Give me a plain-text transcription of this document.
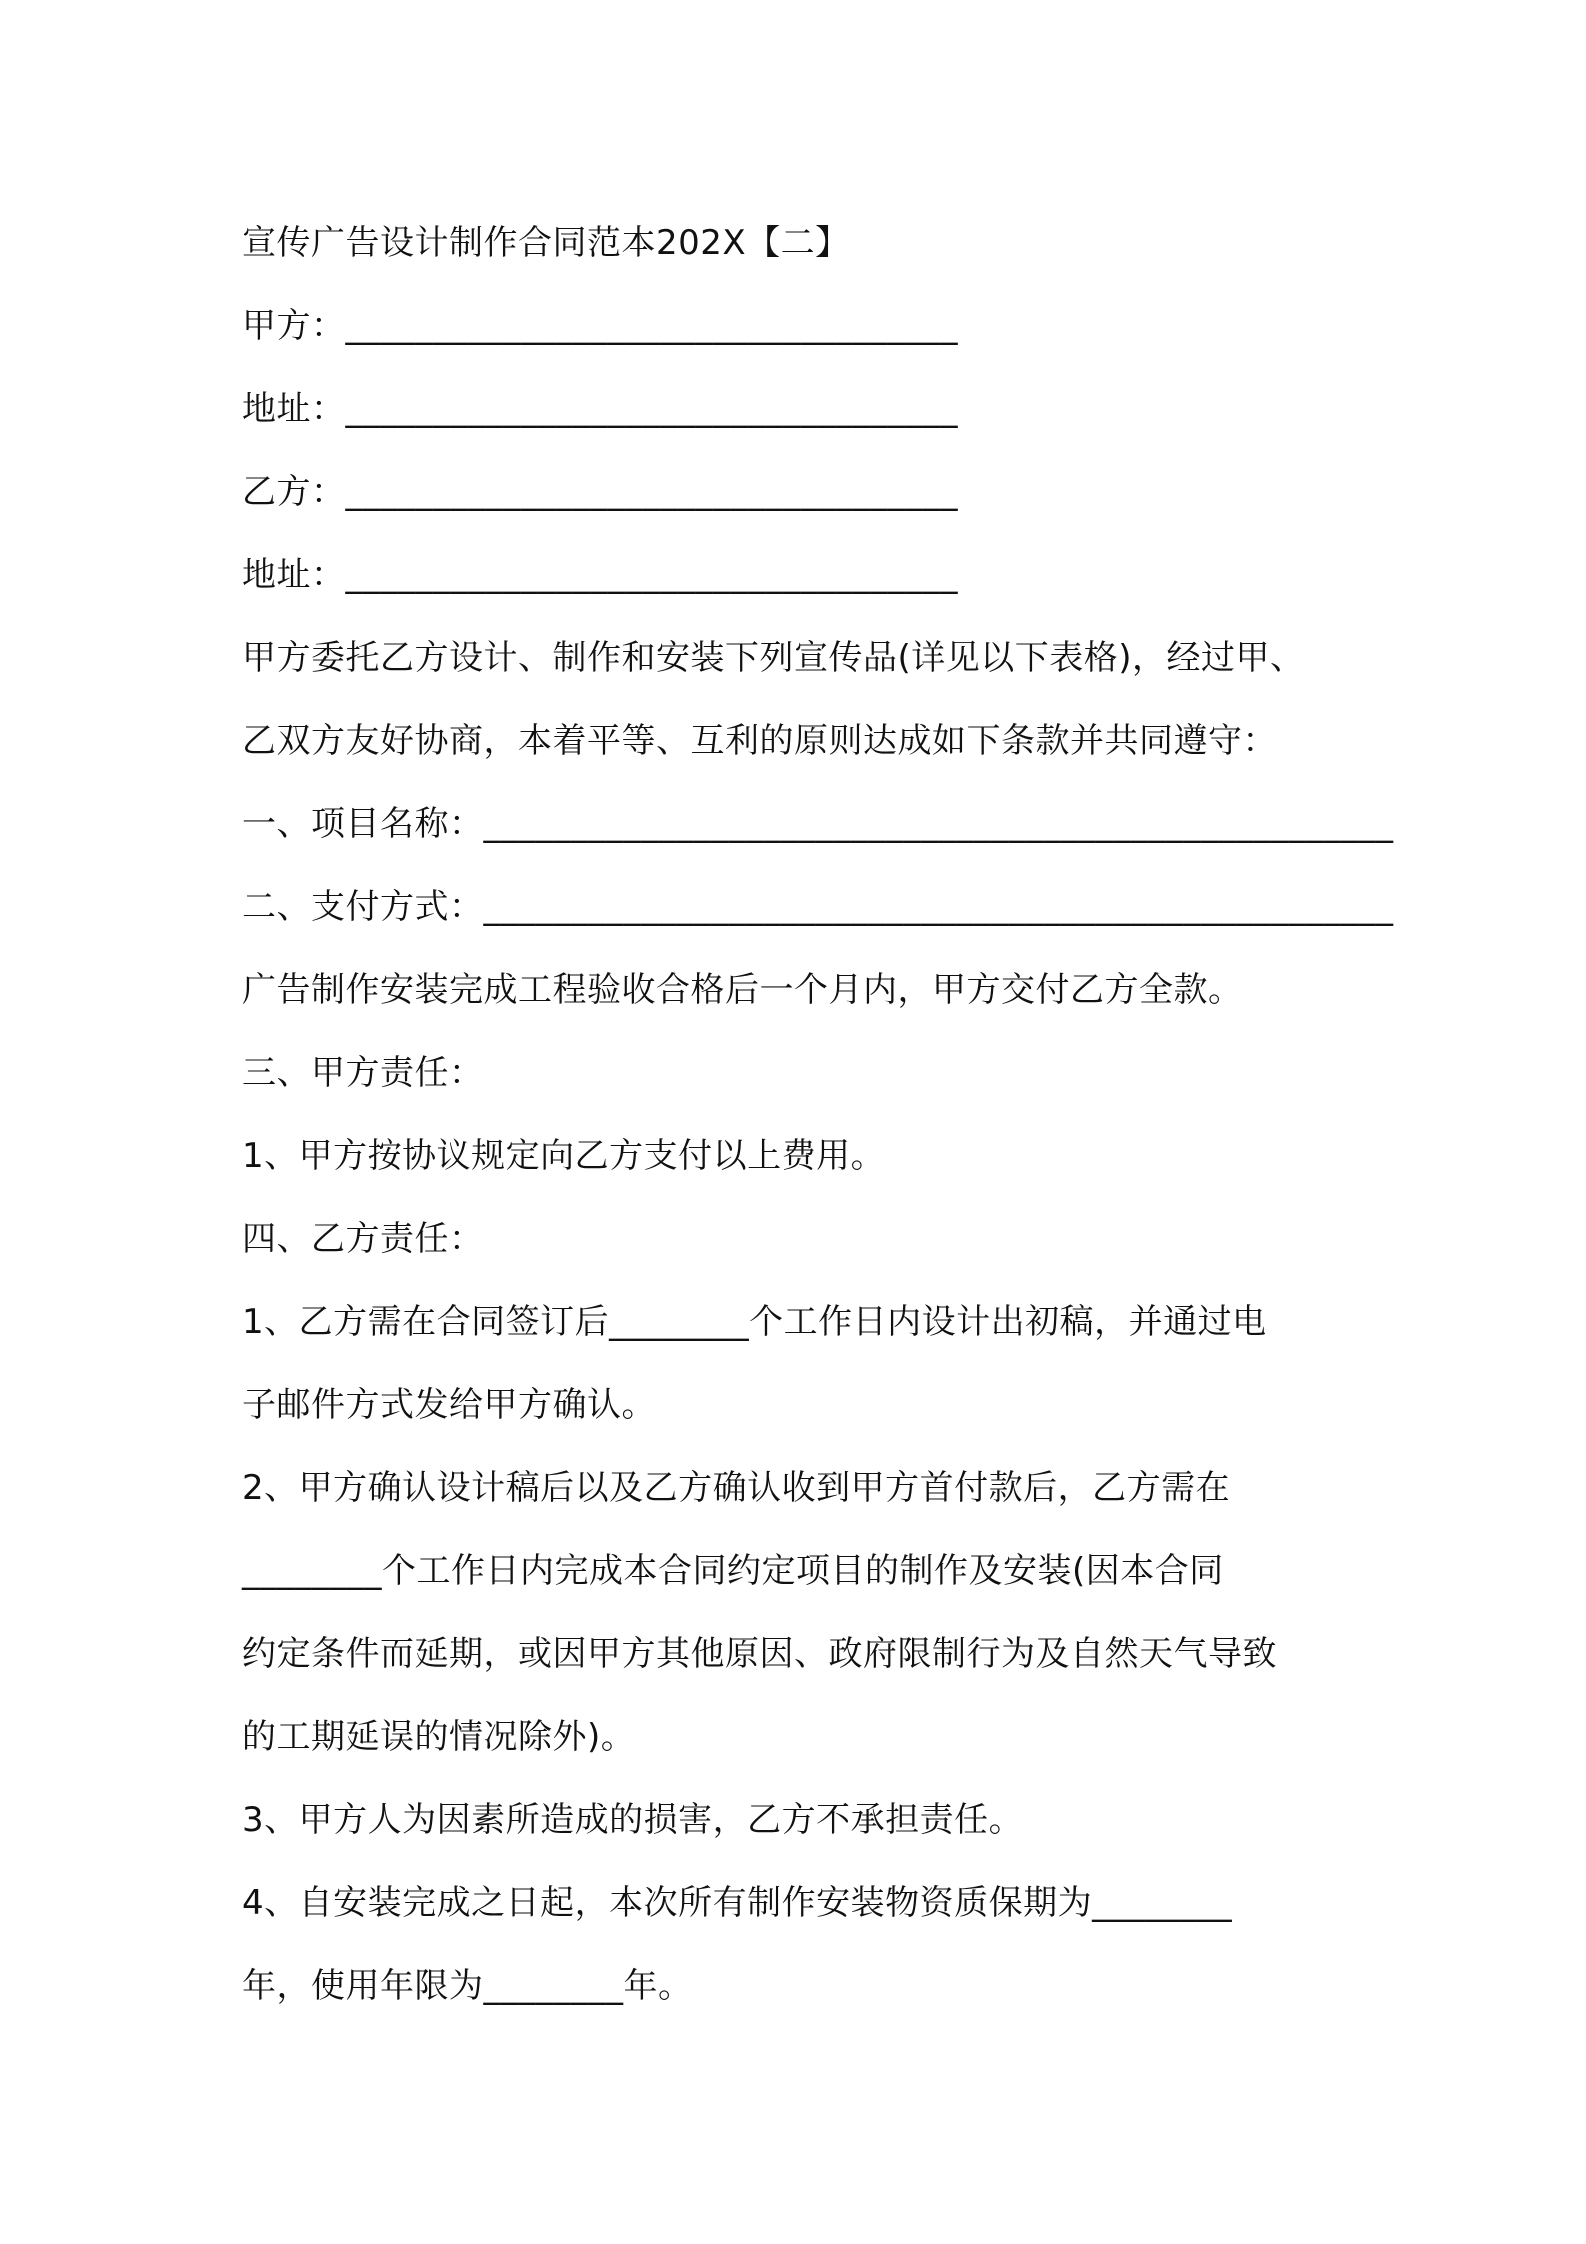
宣传广告设计制作合同范本202X【二】

甲方：___________________________________

地址：___________________________________

乙方：___________________________________

地址：___________________________________

甲方委托乙方设计、制作和安装下列宣传品(详见以下表格)，经过甲、

乙双方友好协商，本着平等、互利的原则达成如下条款并共同遵守：

一、项目名称：____________________________________________________

二、支付方式：____________________________________________________

广告制作安装完成工程验收合格后一个月内，甲方交付乙方全款。

三、甲方责任：

1、甲方按协议规定向乙方支付以上费用。

四、乙方责任：

1、乙方需在合同签订后________个工作日内设计出初稿，并通过电

子邮件方式发给甲方确认。

2、甲方确认设计稿后以及乙方确认收到甲方首付款后，乙方需在

________个工作日内完成本合同约定项目的制作及安装(因本合同

约定条件而延期，或因甲方其他原因、政府限制行为及自然天气导致

的工期延误的情况除外)。

3、甲方人为因素所造成的损害，乙方不承担责任。

4、自安装完成之日起，本次所有制作安装物资质保期为________

年，使用年限为________年。
